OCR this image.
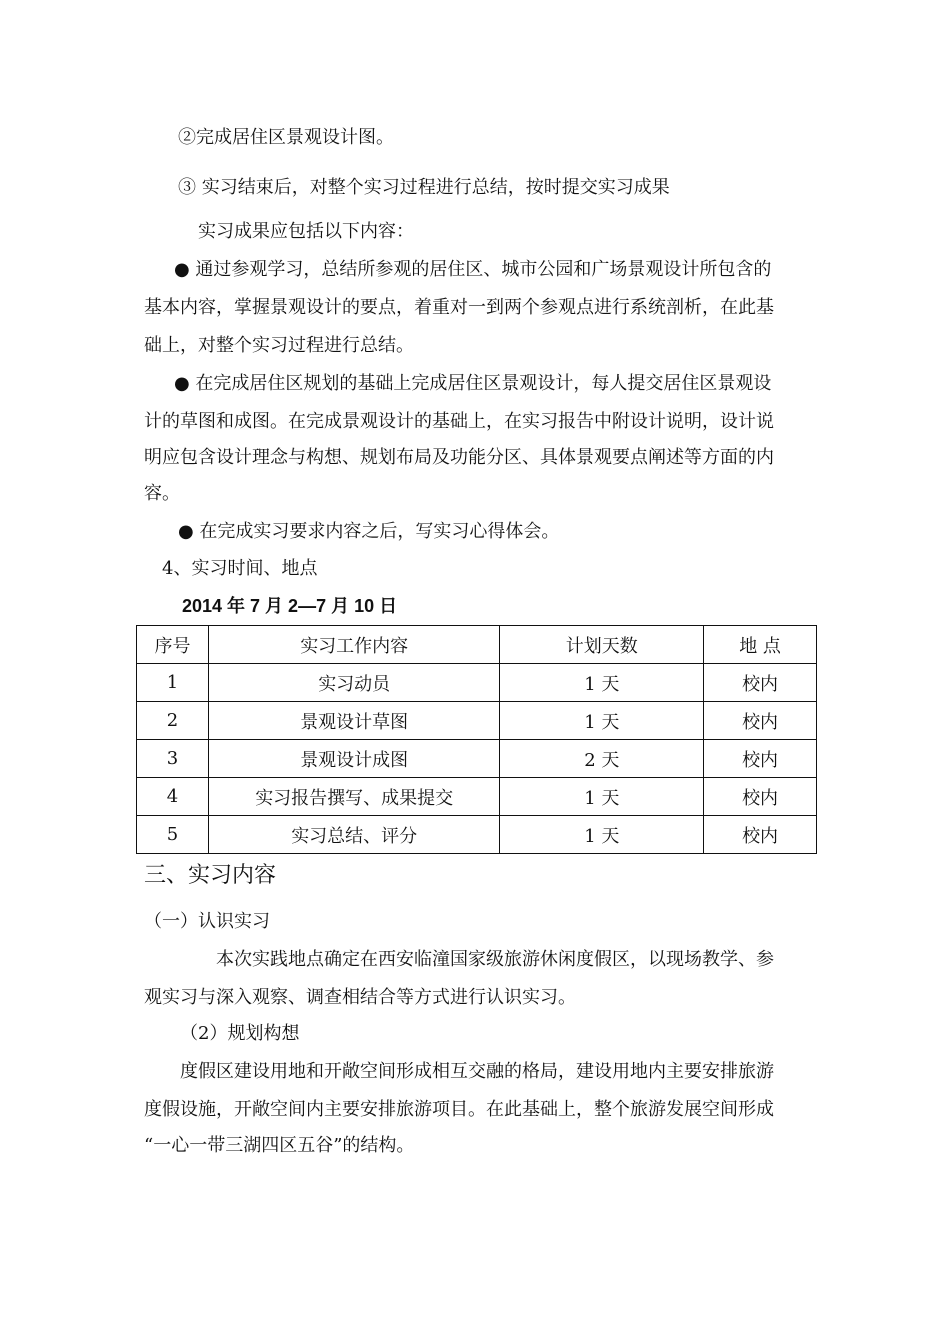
②完成居住区景观设计图。
③ 实习结束后，对整个实习过程进行总结，按时提交实习成果
实习成果应包括以下内容：
● 通过参观学习，总结所参观的居住区、城市公园和广场景观设计所包含的
基本内容，掌握景观设计的要点，着重对一到两个参观点进行系统剖析，在此基
础上，对整个实习过程进行总结。
● 在完成居住区规划的基础上完成居住区景观设计，每人提交居住区景观设
计的草图和成图。在完成景观设计的基础上，在实习报告中附设计说明，设计说
明应包含设计理念与构想、规划布局及功能分区、具体景观要点阐述等方面的内
容。
● 在完成实习要求内容之后，写实习心得体会。
4、实习时间、地点
2014 年 7 月 2—7 月 10 日
序号	实习工作内容	计划天数	地 点
1	实习动员	1 天	校内
2	景观设计草图	1 天	校内
3	景观设计成图	2 天	校内
4	实习报告撰写、成果提交	1 天	校内
5	实习总结、评分	1 天	校内
三、实习内容
（一）认识实习
本次实践地点确定在西安临潼国家级旅游休闲度假区，以现场教学、参
观实习与深入观察、调查相结合等方式进行认识实习。
（2）规划构想
度假区建设用地和开敞空间形成相互交融的格局，建设用地内主要安排旅游
度假设施，开敞空间内主要安排旅游项目。在此基础上，整个旅游发展空间形成
“一心一带三湖四区五谷”的结构。
